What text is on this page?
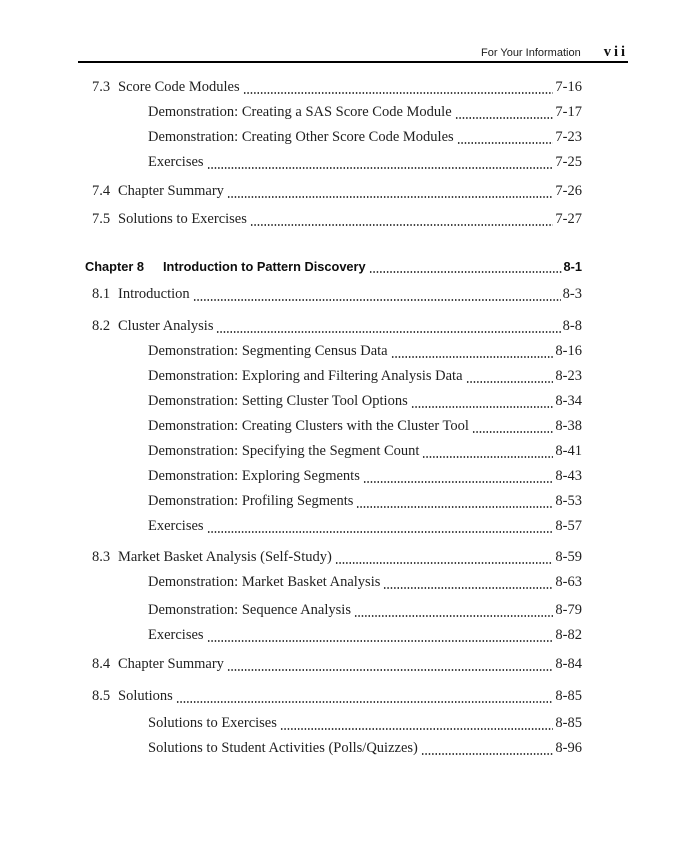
For Your Information vii
7.3 Score Code Modules	7-16
Demonstration: Creating a SAS Score Code Module	7-17
Demonstration: Creating Other Score Code Modules	7-23
Exercises	7-25
7.4 Chapter Summary	7-26
7.5 Solutions to Exercises	7-27
Chapter 8	Introduction to Pattern Discovery	8-1
8.1 Introduction	8-3
8.2 Cluster Analysis	8-8
Demonstration: Segmenting Census Data	8-16
Demonstration: Exploring and Filtering Analysis Data	8-23
Demonstration: Setting Cluster Tool Options	8-34
Demonstration: Creating Clusters with the Cluster Tool	8-38
Demonstration: Specifying the Segment Count	8-41
Demonstration: Exploring Segments	8-43
Demonstration: Profiling Segments	8-53
Exercises	8-57
8.3 Market Basket Analysis (Self-Study)	8-59
Demonstration: Market Basket Analysis	8-63
Demonstration: Sequence Analysis	8-79
Exercises	8-82
8.4 Chapter Summary	8-84
8.5 Solutions	8-85
Solutions to Exercises	8-85
Solutions to Student Activities (Polls/Quizzes)	8-96
